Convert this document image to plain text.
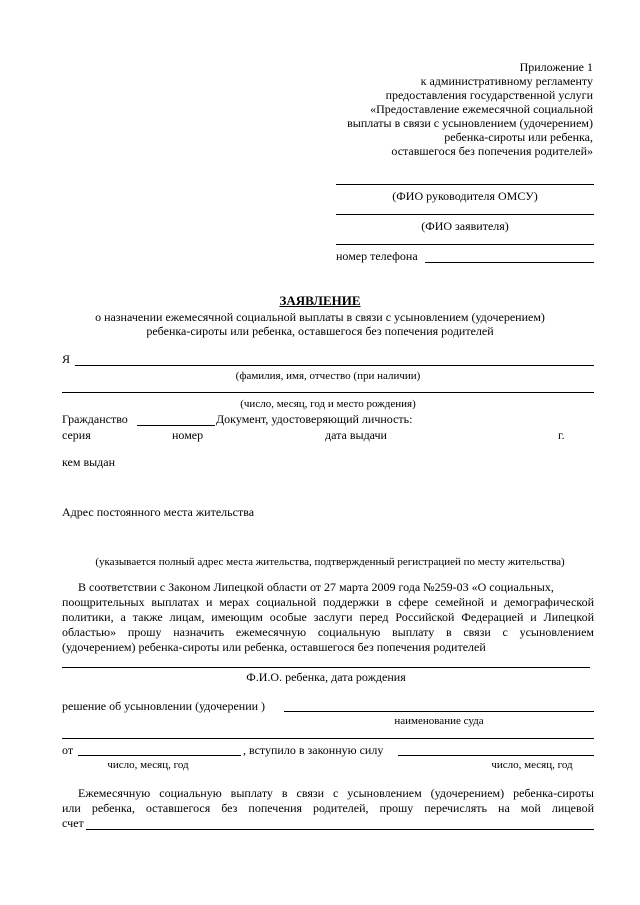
Приложение 1
к административному регламенту
предоставления государственной услуги
«Предоставление ежемесячной социальной
выплаты в связи с усыновлением (удочерением)
ребенка-сироты или ребенка,
оставшегося без попечения родителей»
(ФИО руководителя ОМСУ)
(ФИО заявителя)
номер телефона
ЗАЯВЛЕНИЕ
о назначении ежемесячной социальной выплаты в связи с усыновлением (удочерением)
ребенка-сироты или ребенка, оставшегося без попечения родителей
Я
(фамилия, имя, отчество (при наличии)
(число, месяц, год и место рождения)
Гражданство	Документ, удостоверяющий личность:
серия	номер	дата выдачи	г.
кем выдан
Адрес постоянного места жительства
(указывается полный адрес места жительства, подтвержденный регистрацией по месту жительства)
В соответствии с Законом Липецкой области от 27 марта 2009 года №259-03 «О социальных,
поощрительных выплатах и мерах социальной поддержки в сфере семейной и демографической
политики, а также лицам, имеющим особые заслуги перед Российской Федерацией и Липецкой
областью» прошу назначить ежемесячную социальную выплату в связи с усыновлением
(удочерением) ребенка-сироты или ребенка, оставшегося без попечения родителей
Ф.И.О. ребенка, дата рождения
решение об усыновлении (удочерении )
наименование суда
от
число, месяц, год
, вступило в законную силу
число, месяц, год
Ежемесячную социальную выплату в связи с усыновлением (удочерением) ребенка-сироты
или ребенка, оставшегося без попечения родителей, прошу перечислять на мой лицевой
счет
